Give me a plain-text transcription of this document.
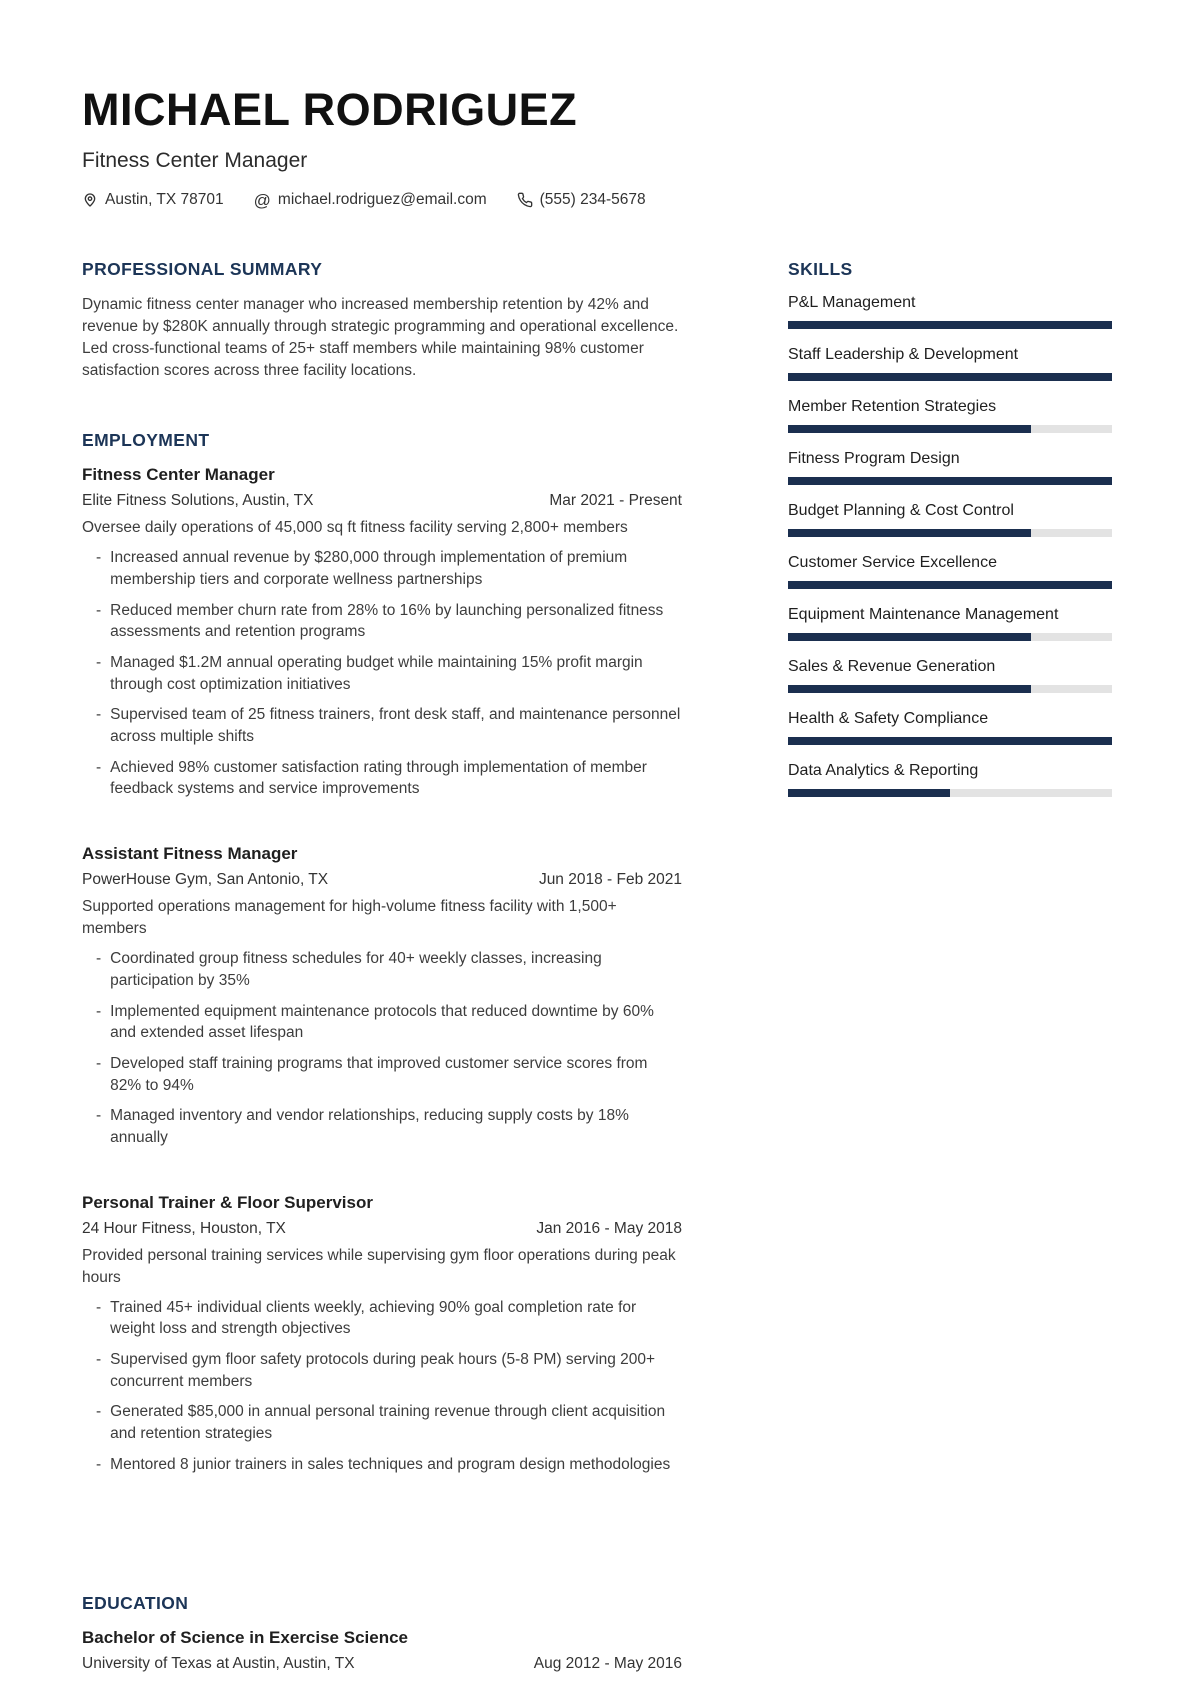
MICHAEL RODRIGUEZ
Fitness Center Manager
Austin, TX 78701 @ michael.rodriguez@email.com	(555) 234-5678
PROFESSIONAL SUMMARY
Dynamic fitness center manager who increased membership retention by 42% and revenue by $280K annually through strategic programming and operational excellence. Led cross-functional teams of 25+ staff members while maintaining 98% customer satisfaction scores across three facility locations.
EMPLOYMENT
Fitness Center Manager
Elite Fitness Solutions, Austin, TX	Mar 2021 - Present
Oversee daily operations of 45,000 sq ft fitness facility serving 2,800+ members
- Increased annual revenue by $280,000 through implementation of premium membership tiers and corporate wellness partnerships
- Reduced member churn rate from 28% to 16% by launching personalized fitness assessments and retention programs
- Managed $1.2M annual operating budget while maintaining 15% profit margin through cost optimization initiatives
- Supervised team of 25 fitness trainers, front desk staff, and maintenance personnel across multiple shifts
- Achieved 98% customer satisfaction rating through implementation of member feedback systems and service improvements
Assistant Fitness Manager
PowerHouse Gym, San Antonio, TX	Jun 2018 - Feb 2021
Supported operations management for high-volume fitness facility with 1,500+ members
- Coordinated group fitness schedules for 40+ weekly classes, increasing participation by 35%
- Implemented equipment maintenance protocols that reduced downtime by 60% and extended asset lifespan
- Developed staff training programs that improved customer service scores from 82% to 94%
- Managed inventory and vendor relationships, reducing supply costs by 18% annually
Personal Trainer & Floor Supervisor
24 Hour Fitness, Houston, TX	Jan 2016 - May 2018
Provided personal training services while supervising gym floor operations during peak hours
- Trained 45+ individual clients weekly, achieving 90% goal completion rate for weight loss and strength objectives
- Supervised gym floor safety protocols during peak hours (5-8 PM) serving 200+ concurrent members
- Generated $85,000 in annual personal training revenue through client acquisition and retention strategies
- Mentored 8 junior trainers in sales techniques and program design methodologies
EDUCATION
Bachelor of Science in Exercise Science
University of Texas at Austin, Austin, TX	Aug 2012 - May 2016
SKILLS
P&L Management
Staff Leadership & Development
Member Retention Strategies
Fitness Program Design
Budget Planning & Cost Control
Customer Service Excellence
Equipment Maintenance Management
Sales & Revenue Generation
Health & Safety Compliance
Data Analytics & Reporting
